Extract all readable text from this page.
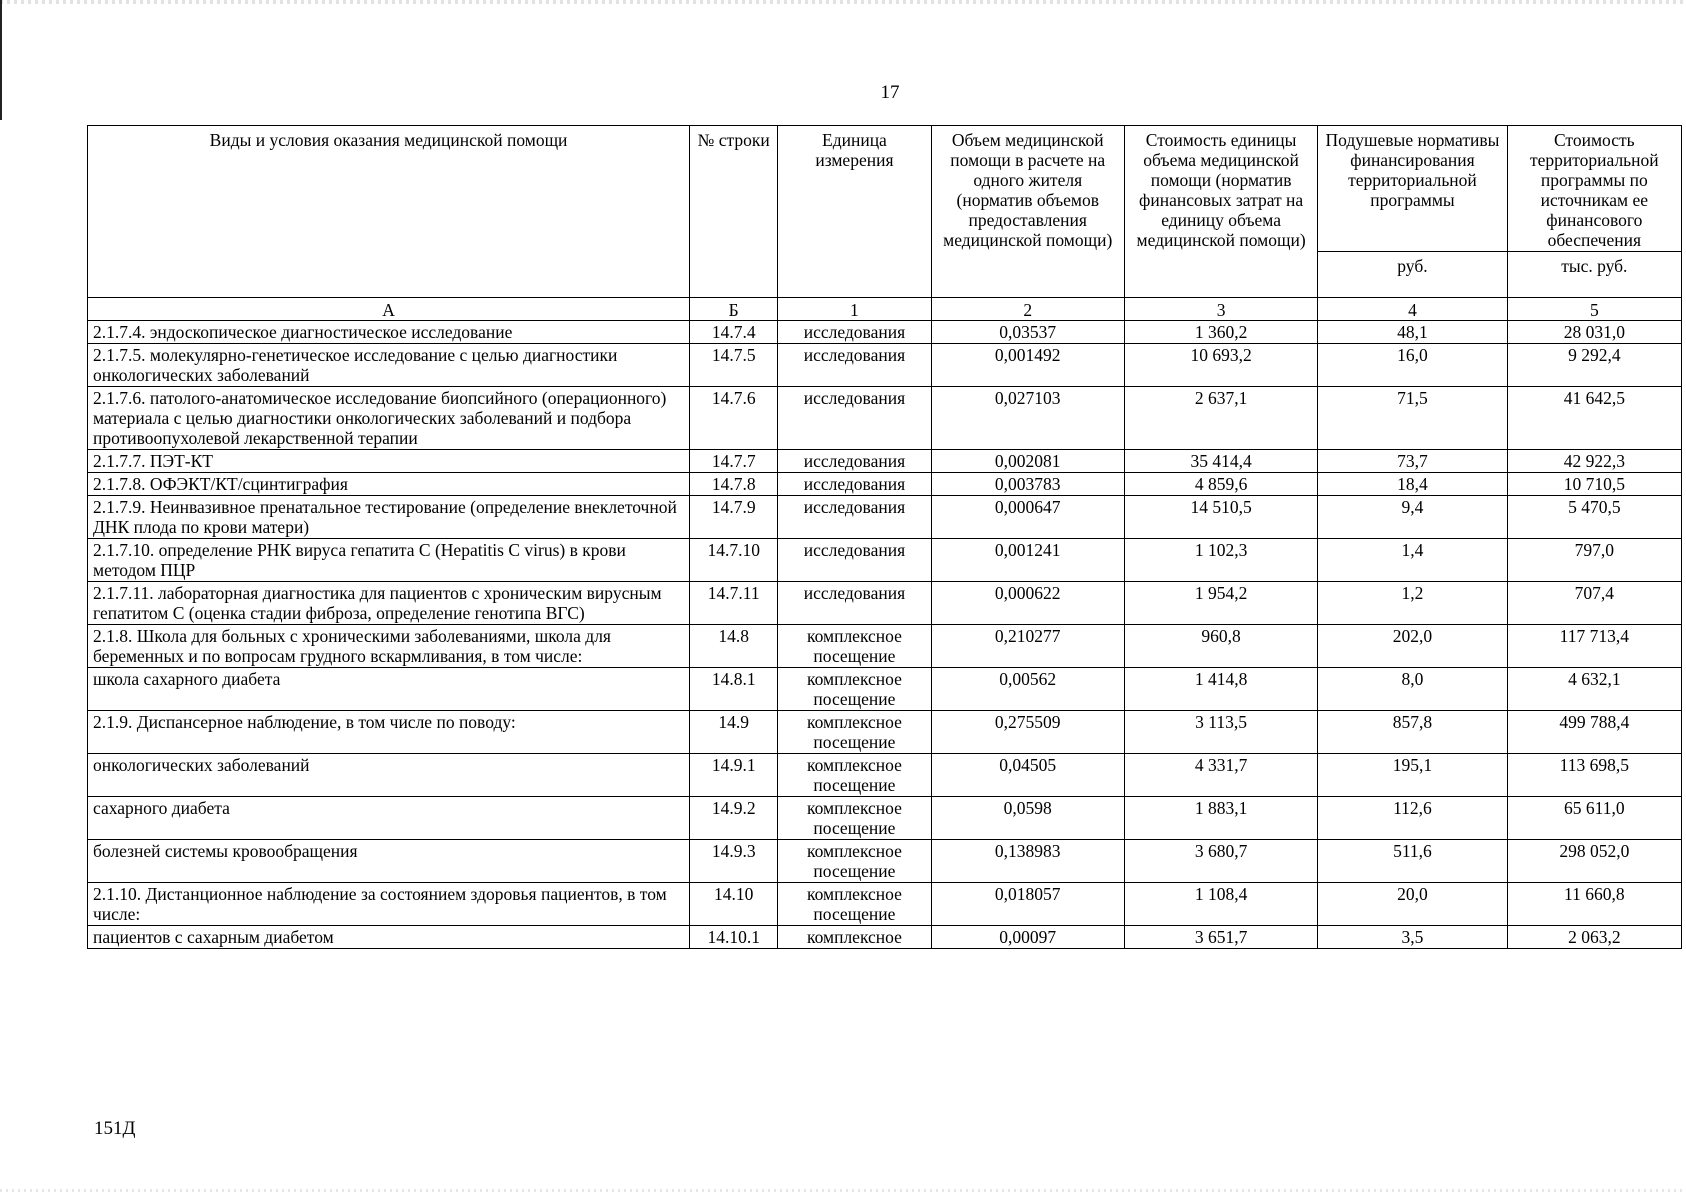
17
Виды и условия оказания медицинской помощи	№ строки	Единица измерения	Объем медицинской помощи в расчете на одного жителя (норматив объемов предоставления медицинской помощи)	Стоимость единицы объема медицинской помощи (норматив финансовых затрат на единицу объема медицинской помощи)	Подушевые нормативы финансирования территориальной программы	Стоимость территориальной программы по источникам ее финансового обеспечения
					руб.	тыс. руб.
А	Б	1	2	3	4	5
2.1.7.4. эндоскопическое диагностическое исследование	14.7.4	исследования	0,03537	1 360,2	48,1	28 031,0
2.1.7.5. молекулярно-генетическое исследование с целью диагностики онкологических заболеваний	14.7.5	исследования	0,001492	10 693,2	16,0	9 292,4
2.1.7.6. патолого-анатомическое исследование биопсийного (операционного) материала с целью диагностики онкологических заболеваний и подбора противоопухолевой лекарственной терапии	14.7.6	исследования	0,027103	2 637,1	71,5	41 642,5
2.1.7.7. ПЭТ-КТ	14.7.7	исследования	0,002081	35 414,4	73,7	42 922,3
2.1.7.8. ОФЭКТ/КТ/сцинтиграфия	14.7.8	исследования	0,003783	4 859,6	18,4	10 710,5
2.1.7.9. Неинвазивное пренатальное тестирование (определение внеклеточной ДНК плода по крови матери)	14.7.9	исследования	0,000647	14 510,5	9,4	5 470,5
2.1.7.10. определение РНК вируса гепатита С (Hepatitis C virus) в крови методом ПЦР	14.7.10	исследования	0,001241	1 102,3	1,4	797,0
2.1.7.11. лабораторная диагностика для пациентов с хроническим вирусным гепатитом С (оценка стадии фиброза, определение генотипа ВГС)	14.7.11	исследования	0,000622	1 954,2	1,2	707,4
2.1.8. Школа для больных с хроническими заболеваниями, школа для беременных и по вопросам грудного вскармливания, в том числе:	14.8	комплексное посещение	0,210277	960,8	202,0	117 713,4
школа сахарного диабета	14.8.1	комплексное посещение	0,00562	1 414,8	8,0	4 632,1
2.1.9. Диспансерное наблюдение, в том числе по поводу:	14.9	комплексное посещение	0,275509	3 113,5	857,8	499 788,4
онкологических заболеваний	14.9.1	комплексное посещение	0,04505	4 331,7	195,1	113 698,5
сахарного диабета	14.9.2	комплексное посещение	0,0598	1 883,1	112,6	65 611,0
болезней системы кровообращения	14.9.3	комплексное посещение	0,138983	3 680,7	511,6	298 052,0
2.1.10. Дистанционное наблюдение за состоянием здоровья пациентов, в том числе:	14.10	комплексное посещение	0,018057	1 108,4	20,0	11 660,8
пациентов с сахарным диабетом	14.10.1	комплексное	0,00097	3 651,7	3,5	2 063,2
151Д
